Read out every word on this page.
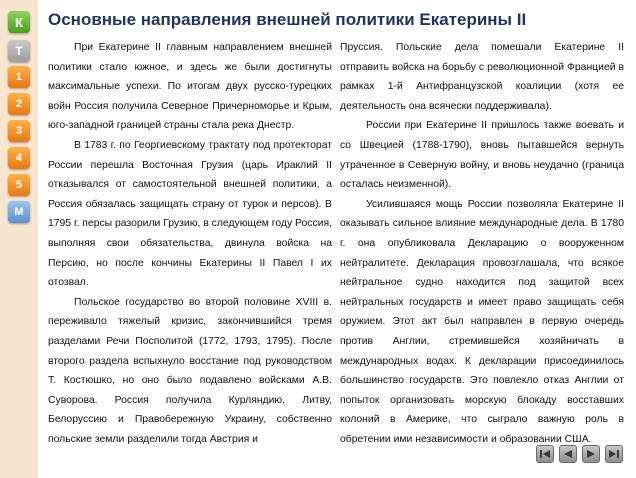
К
Т
1
2
3
4
5
М
Основные направления внешней политики Екатерины II

При Екатерине II главным направлением внешней политики стало южное, и здесь же были достигнуты максимальные успехи. По итогам двух русско-турецких войн Россия получила Северное Причерноморье и Крым, юго-западной границей страны стала река Днестр.

В 1783 г. по Георгиевскому трактату под протекторат России перешла Восточная Грузия (царь Ираклий II отказывался от самостоятельной внешней политики, а Россия обязалась защищать страну от турок и персов). В 1795 г. персы разорили Грузию, в следующем году Россия, выполняя свои обязательства, двинула войска на Персию, но после кончины Екатерины II Павел I их отозвал.

Польское государство во второй половине XVIII в. переживало тяжелый кризис, закончившийся тремя разделами Речи Посполитой (1772, 1793, 1795). После второго раздела вспыхнуло восстание под руководством Т. Костюшко, но оно было подавлено войсками А.В. Суворова. Россия получила Курляндию, Литву, Белоруссию и Правобережную Украину, собственно польские земли разделили тогда Австрия и

Пруссия. Польские дела помешали Екатерине II отправить войска на борьбу с революционной Францией в рамках 1-й Антифранцузской коалиции (хотя ее деятельность она всячески поддерживала).

России при Екатерине II пришлось также воевать и со Швецией (1788-1790), вновь пытавшейся вернуть утраченное в Северную войну, и вновь неудачно (граница осталась неизменной).

Усилившаяся мощь России позволяла Екатерине II оказывать сильное влияние международные дела. В 1780 г. она опубликовала Декларацию о вооруженном нейтралитете. Декларация провозглашала, что всякое нейтральное судно находится под защитой всех нейтральных государств и имеет право защищать себя оружием. Этот акт был направлен в первую очередь против Англии, стремившейся хозяйничать в международных водах. К декларации присоединилось большинство государств. Это повлекло отказ Англии от попыток организовать морскую блокаду восставших колоний в Америке, что сыграло важную роль в обретении ими независимости и образовании США.
